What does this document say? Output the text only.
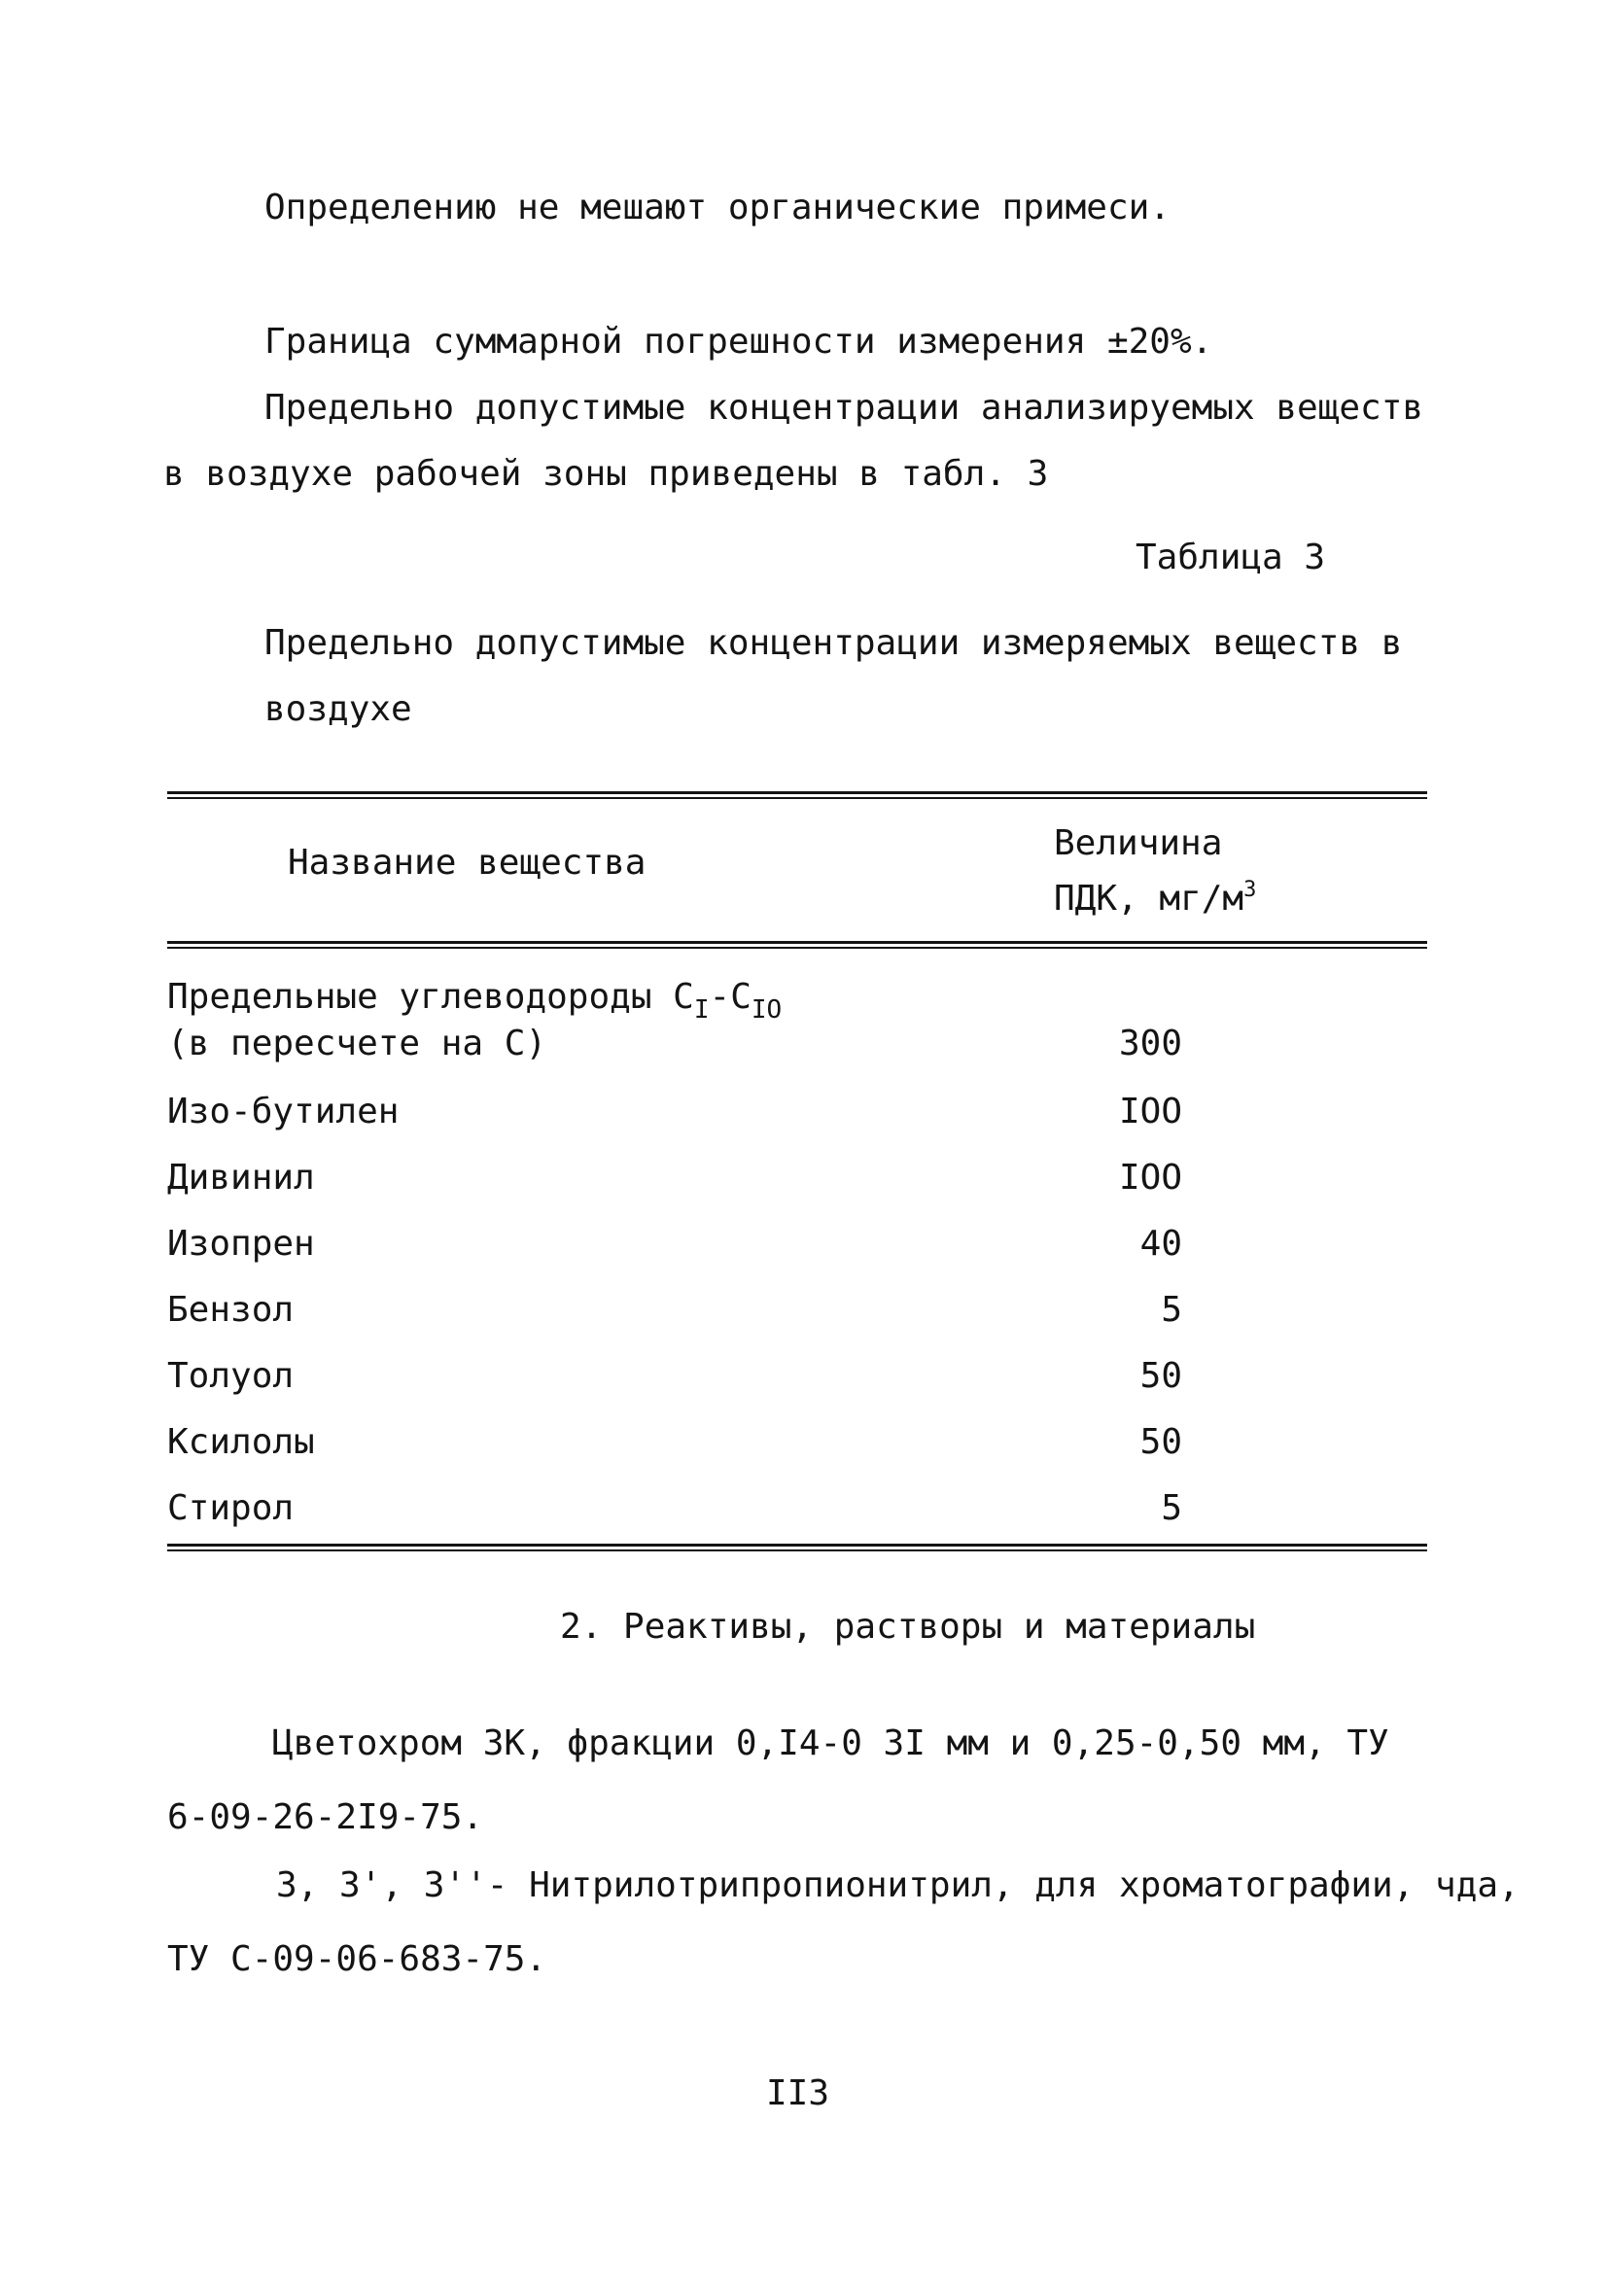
Определению не мешают органические примеси.
Граница суммарной погрешности измерения ±20%.
Предельно допустимые концентрации анализируемых веществ
в воздухе рабочей зоны приведены в табл. 3
Таблица 3
Предельно допустимые концентрации измеряемых веществ в
воздухе
Название вещества	Величина
ПДК, $мг/м^3$
Предельные углеводороды $C_I-C_{IO}$
(в пересчете на C)	300
Изо-бутилен	IOO
Дивинил	IOO
Изопрен	40
Бензол	5
Толуол	50
Ксилолы	50
Стирол	5
2. Реактивы, растворы и материалы
Цветохром 3К, фракции 0,I4-0 3I мм и 0,25-0,50 мм, ТУ
6-09-26-2I9-75.
3, 3', 3''- Нитрилотрипропионитрил, для хроматографии, чда,
ТУ С-09-06-683-75.
II3
